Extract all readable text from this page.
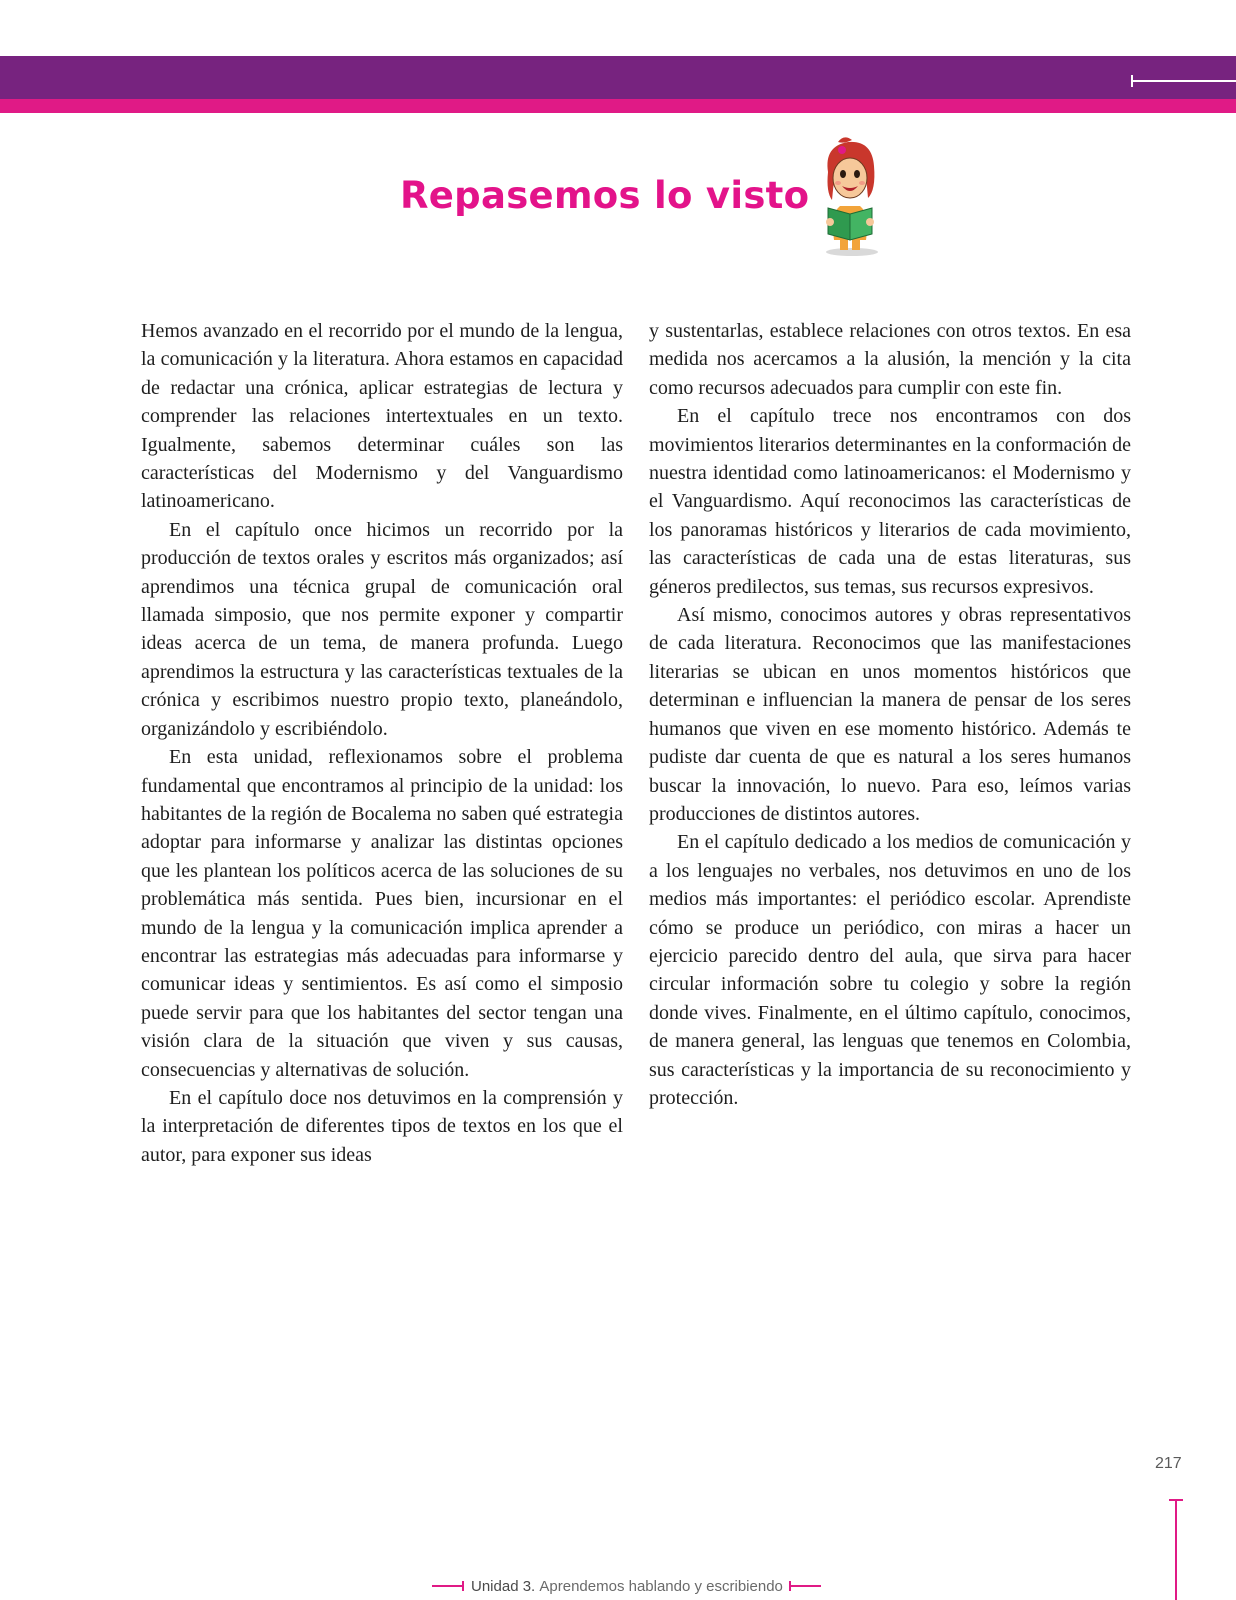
Repasemos lo visto

Hemos avanzado en el recorrido por el mundo de la lengua, la comunicación y la literatura. Ahora estamos en capacidad de redactar una crónica, aplicar estrategias de lectura y comprender las relaciones intertextuales en un texto. Igualmente, sabemos determinar cuáles son las características del Modernismo y del Vanguardismo latinoamericano.

En el capítulo once hicimos un recorrido por la producción de textos orales y escritos más organizados; así aprendimos una técnica grupal de comunicación oral llamada simposio, que nos permite exponer y compartir ideas acerca de un tema, de manera profunda. Luego aprendimos la estructura y las características textuales de la crónica y escribimos nuestro propio texto, planeándolo, organizándolo y escribiéndolo.

En esta unidad, reflexionamos sobre el problema fundamental que encontramos al principio de la unidad: los habitantes de la región de Bocalema no saben qué estrategia adoptar para informarse y analizar las distintas opciones que les plantean los políticos acerca de las soluciones de su problemática más sentida. Pues bien, incursionar en el mundo de la lengua y la comunicación implica aprender a encontrar las estrategias más adecuadas para informarse y comunicar ideas y sentimientos. Es así como el simposio puede servir para que los habitantes del sector tengan una visión clara de la situación que viven y sus causas, consecuencias y alternativas de solución.

En el capítulo doce nos detuvimos en la comprensión y la interpretación de diferentes tipos de textos en los que el autor, para exponer sus ideas

y sustentarlas, establece relaciones con otros textos. En esa medida nos acercamos a la alusión, la mención y la cita como recursos adecuados para cumplir con este fin.

En el capítulo trece nos encontramos con dos movimientos literarios determinantes en la conformación de nuestra identidad como latinoamericanos: el Modernismo y el Vanguardismo. Aquí reconocimos las características de los panoramas históricos y literarios de cada movimiento, las características de cada una de estas literaturas, sus géneros predilectos, sus temas, sus recursos expresivos.

Así mismo, conocimos autores y obras representativos de cada literatura. Reconocimos que las manifestaciones literarias se ubican en unos momentos históricos que determinan e influencian la manera de pensar de los seres humanos que viven en ese momento histórico. Además te pudiste dar cuenta de que es natural a los seres humanos buscar la innovación, lo nuevo. Para eso, leímos varias producciones de distintos autores.

En el capítulo dedicado a los medios de comunicación y a los lenguajes no verbales, nos detuvimos en uno de los medios más importantes: el periódico escolar. Aprendiste cómo se produce un periódico, con miras a hacer un ejercicio parecido dentro del aula, que sirva para hacer circular información sobre tu colegio y sobre la región donde vives. Finalmente, en el último capítulo, conocimos, de manera general, las lenguas que tenemos en Colombia, sus características y la importancia de su reconocimiento y protección.

217
Unidad 3.
Aprendemos hablando y escribiendo
